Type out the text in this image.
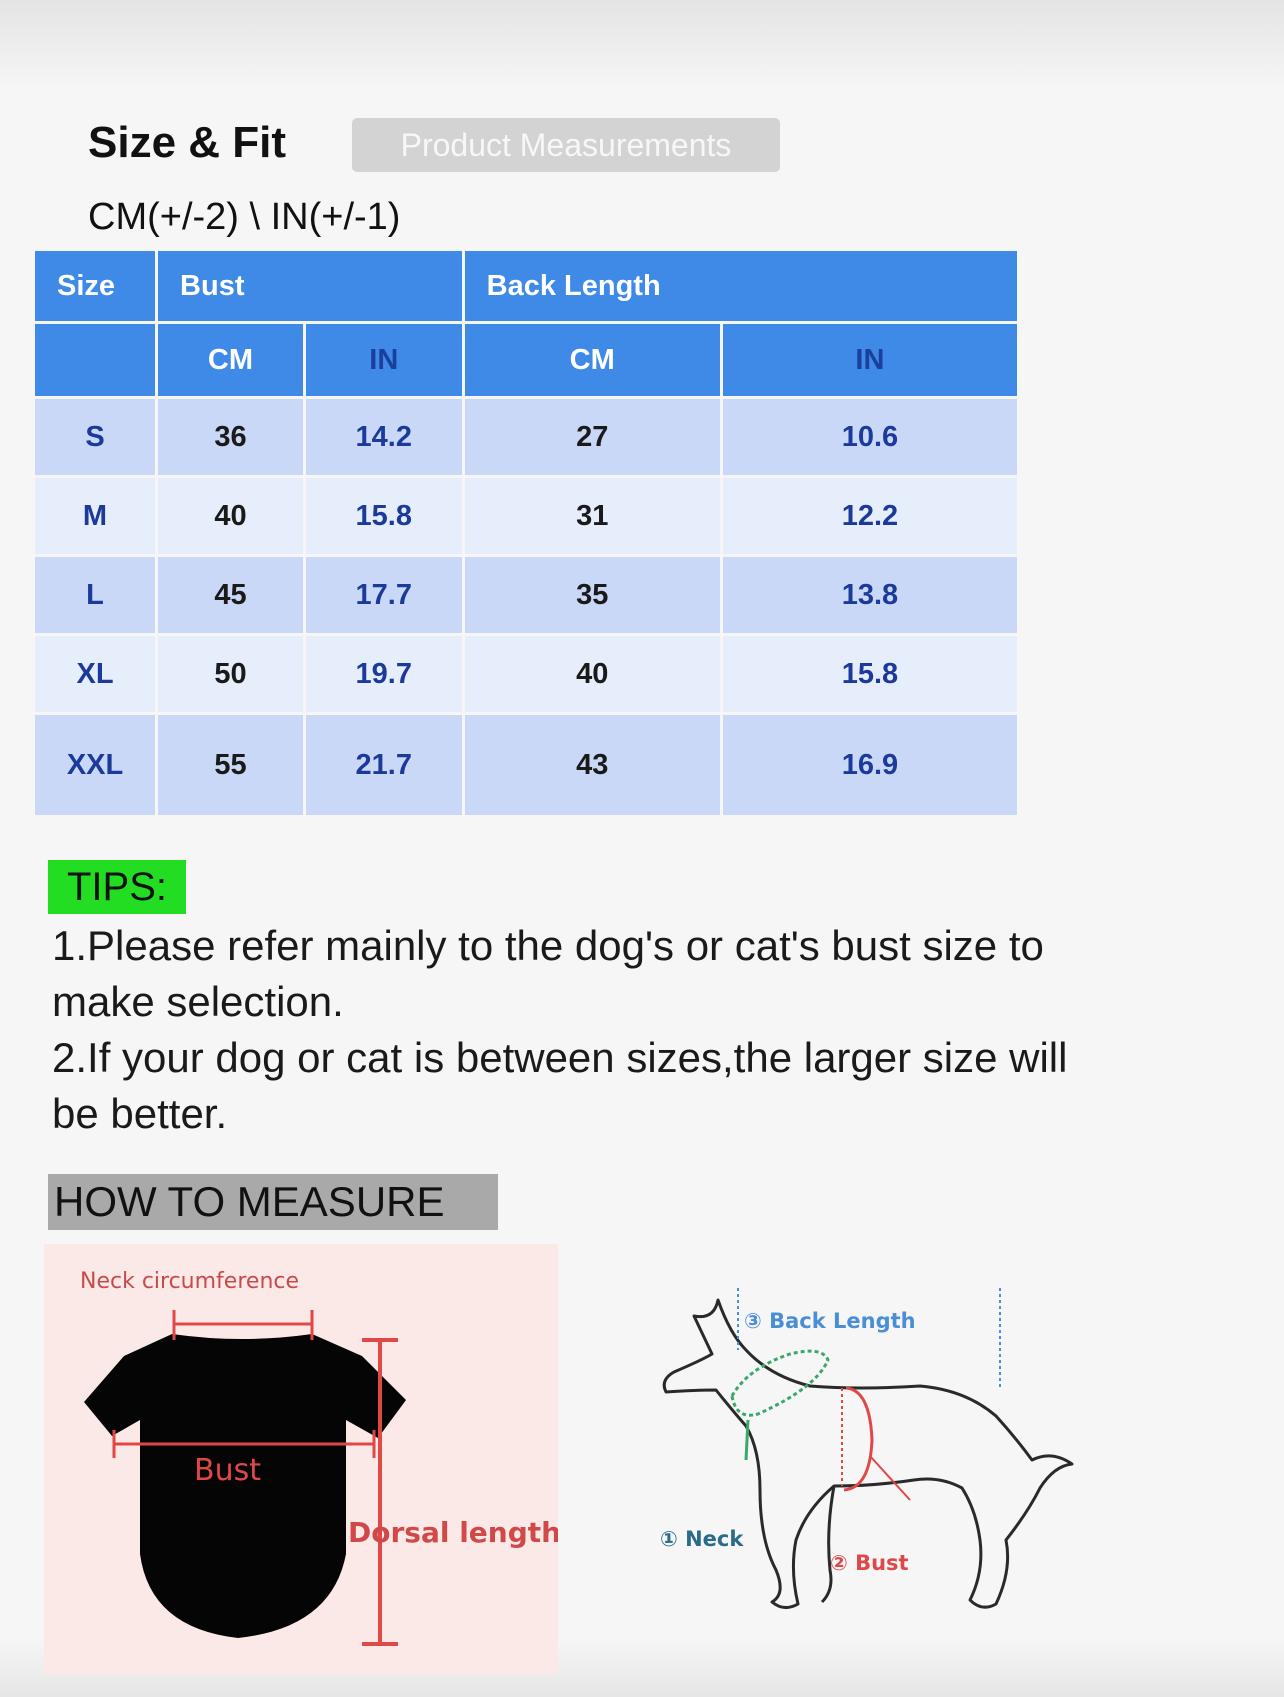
Size & Fit	Product Measurements
CM(+/-2) \ IN(+/-1)
Size	Bust		Back Length	
	CM	IN	CM	IN
S	36	14.2	27	10.6
M	40	15.8	31	12.2
L	45	17.7	35	13.8
XL	50	19.7	40	15.8
XXL	55	21.7	43	16.9
TIPS:
1.Please refer mainly to the dog's or cat's bust size to
make selection.
2.If your dog or cat is between sizes,the larger size will
be better.
HOW TO MEASURE
Neck circumference
Bust
Dorsal length
③ Back Length
① Neck
② Bust
